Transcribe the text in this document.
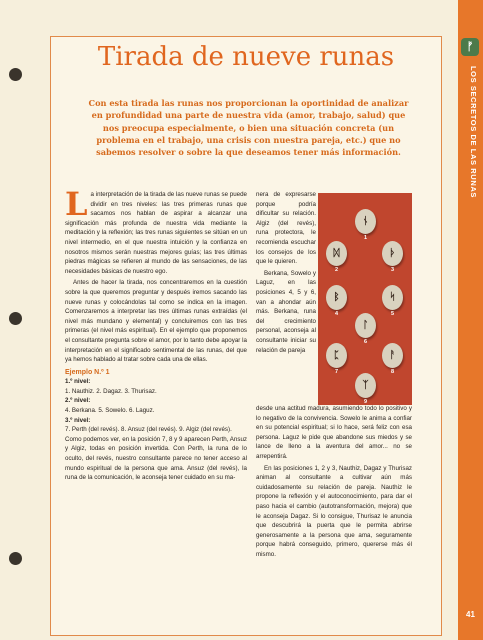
ᚠ
LOS SECRETOS DE LAS RUNAS
41
Tirada de nueve runas
Con esta tirada las runas nos proporcionan la oportinidad de analizar en profundidad una parte de nuestra vida (amor, trabajo, salud) que nos preocupa especialmente, o bien una situación concreta (un problema en el trabajo, una crisis con nuestra pareja, etc.) que no sabemos resolver o sobre la que deseamos tener más información.

La interpretación de la tirada de las nueve runas se puede dividir en tres niveles: las tres primeras runas que sacamos nos hablan de aspirar a alcanzar una significación más profunda de nuestra vida mediante la meditación y la reflexión; las tres runas siguientes se sitúan en un nivel intermedio, en el que nuestra intuición y la confianza en nosotros mismos serán nuestras mejores guías; las tres últimas piedras mágicas se refieren al mundo de las sensaciones, de las necesidades básicas de nuestro ego.

Antes de hacer la tirada, nos concentraremos en la cuestión sobre la que queremos preguntar y después iremos sacando las nueve runas y colocándolas tal como se indica en la imagen. Comenzaremos a interpretar las tres últimas runas extraídas (el nivel más mundano y elemental) y concluiremos con las tres primeras (el nivel más espiritual). En el ejemplo que proponemos el consultante pregunta sobre el amor, por lo tanto debe apoyar la interpretación en el significado sentimental de las runas, del que ya hemos hablado al tratar sobre cada una de ellas.

Ejemplo N.º 1
1.º nivel:
1. Nauthiz. 2. Dagaz. 3. Thurisaz.
2.º nivel:
4. Berkana. 5. Sowelo. 6. Laguz.
3.º nivel:
7. Perth (del revés). 8. Ansuz (del revés). 9. Algiz (del revés).

Como podemos ver, en la posición 7, 8 y 9 aparecen Perth, Ansuz y Algiz, todas en posición invertida. Con Perth, la runa de lo oculto, del revés, nuestro consultante parece no tener acceso al mundo espiritual de la persona que ama. Ansuz (del revés), la runa de la comunicación, le aconseja tener cuidado en su ma-

nera de expresarse porque podría dificultar su relación. Algiz (del revés), runa protectora, le recomienda escuchar los consejos de los que le quieren.

Berkana, Sowelo y Laguz, en las posiciones 4, 5 y 6, van a ahondar aún más. Berkana, runa del crecimiento personal, aconseja al consultante iniciar su relación de pareja

ᚾ
1
ᛞ
2
ᚦ
3
ᛒ
4
ᛋ
5
ᛚ
6
ᛈ
7
ᚨ
8
ᛉ
9

desde una actitud madura, asumiendo todo lo positivo y lo negativo de la convivencia. Sowelo le anima a confiar en su potencial espiritual; si lo hace, será feliz con esa persona. Laguz le pide que abandone sus miedos y se lance de lleno a la aventura del amor... no se arrepentirá.

En las posiciones 1, 2 y 3, Nauthiz, Dagaz y Thurisaz animan al consultante a cultivar aún más cuidadosamente su relación de pareja. Nauthiz le propone la reflexión y el autoconocimiento, para dar el paso hacia el cambio (autotransformación, mejora) que le aconseja Dagaz. Si lo consigue, Thurisaz le anuncia que descubrirá la puerta que le permita abrirse generosamente a la persona que ama, seguramente porque habrá conseguido, primero, quererse más él mismo.
